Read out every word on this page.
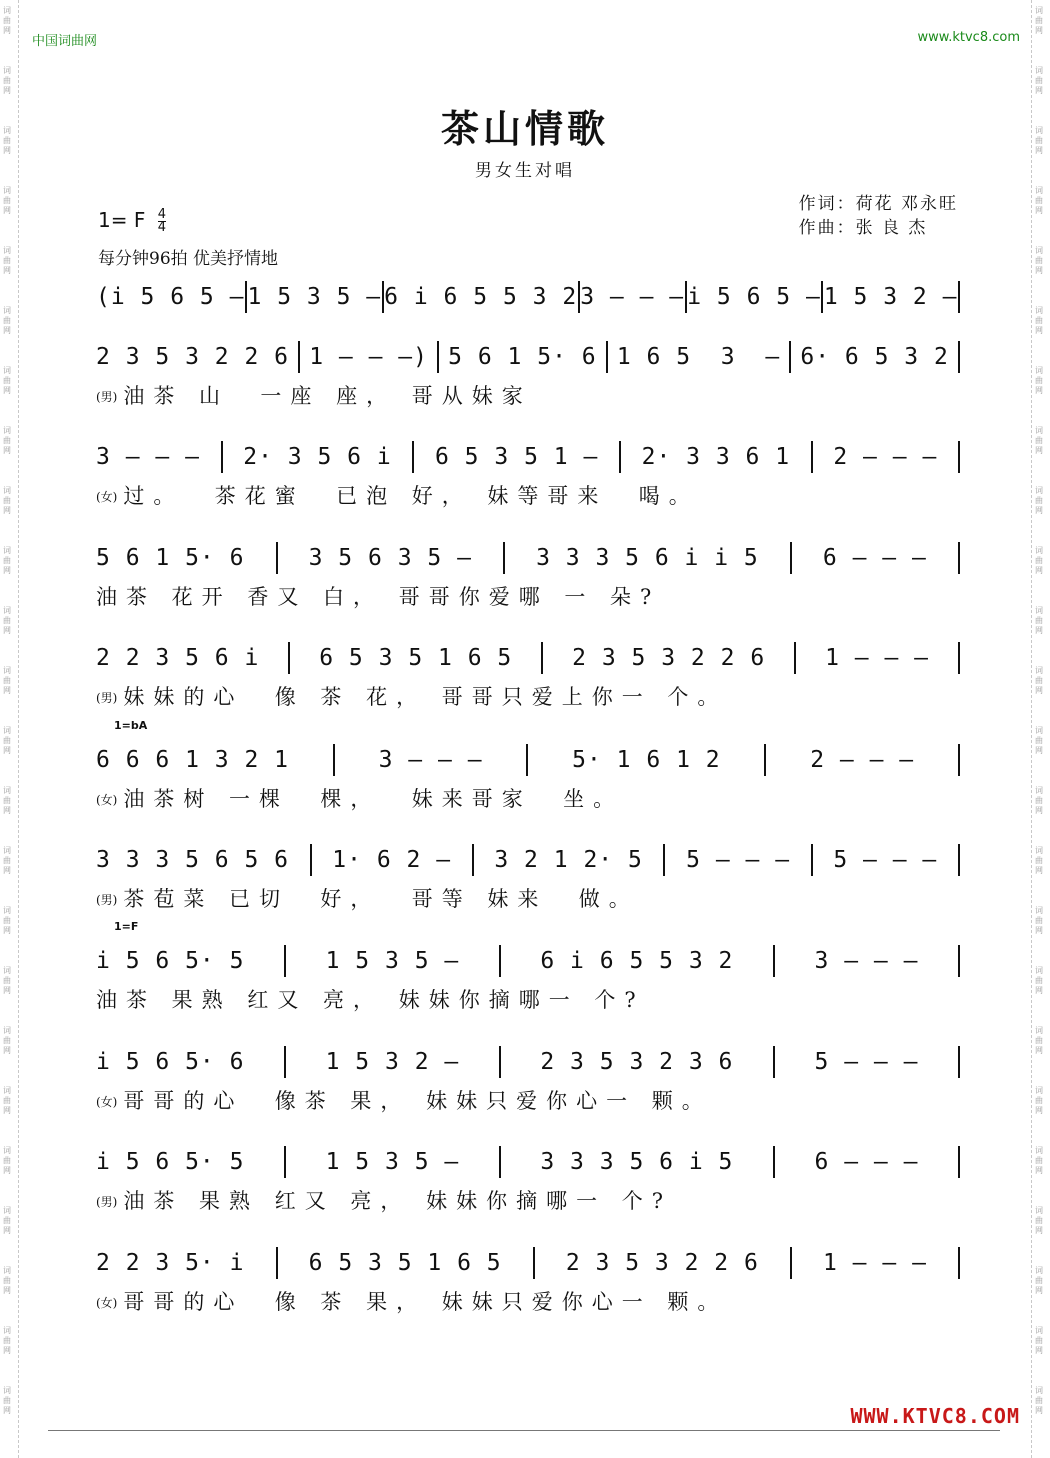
词曲网
词曲网
词曲网
词曲网
词曲网
词曲网
词曲网
词曲网
词曲网
词曲网
词曲网
词曲网
词曲网
词曲网
词曲网
词曲网
词曲网
词曲网
词曲网
词曲网
词曲网
词曲网
词曲网
词曲网
词曲网
词曲网
词曲网
词曲网
词曲网
词曲网
词曲网
词曲网
词曲网
词曲网
词曲网
词曲网
词曲网
词曲网
词曲网
词曲网
词曲网
词曲网
词曲网
词曲网
词曲网
词曲网
词曲网
词曲网
中国词曲网	www.ktvc8.com
茶山情歌
男女生对唱
1= F $\frac{4}{4}$
每分钟96拍 优美抒情地
作词：荷花 邓永旺
作曲：张 良 杰
(i 5 6 5 — 1 5 3 5 — 6 i 6 5 5 3 2 3 — — — i 5 6 5 — 1 5 3 2 —
2 3 5 3 2 2 6 1 — — —) 5 6 1 5· 6 1 6 5  3  — 6· 6 5 3 2
(男) 油茶 山  一座 座， 哥从妹家
3 — — — 2· 3 5 6 i 6 5 3 5 1 — 2· 3 3 6 1 2 — — —
(女) 过。  茶花蜜  已泡 好， 妹等哥来  喝。
5 6 1 5· 6	3 5 6 3 5 —	3 3 3 5 6 i i 5	6 — — —
油茶 花开 香又 白， 哥哥你爱哪 一 朵?
2 2 3 5 6 i	6 5 3 5 1 6 5	2 3 5 3 2 2 6	1 — — —
(男) 妹妹的心  像 茶 花， 哥哥只爱上你一 个。
1=bA
6 6 6 1 3 2 1	3 — — —	5· 1 6 1 2	2 — — —
(女) 油茶树 一棵  棵，  妹来哥家  坐。
3 3 3 5 6 5 6 1· 6 2 — 3 2 1 2· 5 5 — — — 5 — — —
(男) 茶苞菜 已切  好，  哥等 妹来  做。
1=F
i 5 6 5· 5	1 5 3 5 —	6 i 6 5 5 3 2	3 — — —
油茶 果熟 红又 亮， 妹妹你摘哪一 个?
i 5 6 5· 6	1 5 3 2 —	2 3 5 3 2 3 6	5 — — —
(女) 哥哥的心  像茶 果， 妹妹只爱你心一 颗。
i 5 6 5· 5	1 5 3 5 —	3 3 3 5 6 i 5	6 — — —
(男) 油茶 果熟 红又 亮， 妹妹你摘哪一 个?
2 2 3 5· i	6 5 3 5 1 6 5	2 3 5 3 2 2 6	1 — — —
(女) 哥哥的心  像 茶 果， 妹妹只爱你心一 颗。
WWW.KTVC8.COM
